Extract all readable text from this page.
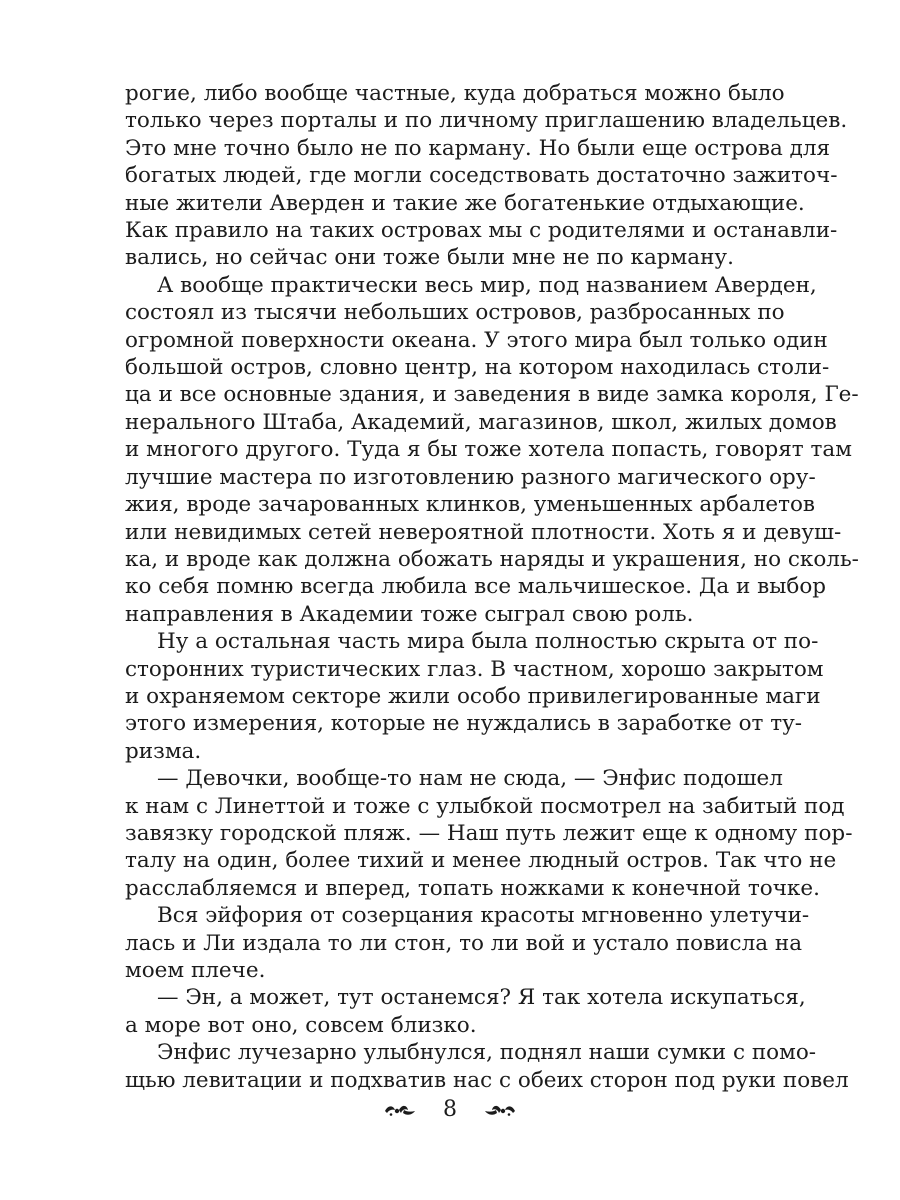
рогие, либо вообще частные, куда добраться можно было
только через порталы и по личному приглашению владельцев.
Это мне точно было не по карману. Но были еще острова для
богатых людей, где могли соседствовать достаточно зажиточ-
ные жители Аверден и такие же богатенькие отдыхающие.
Как правило на таких островах мы с родителями и останавли-
вались, но сейчас они тоже были мне не по карману.
А вообще практически весь мир, под названием Аверден,
состоял из тысячи небольших островов, разбросанных по
огромной поверхности океана. У этого мира был только один
большой остров, словно центр, на котором находилась столи-
ца и все основные здания, и заведения в виде замка короля, Ге-
нерального Штаба, Академий, магазинов, школ, жилых домов
и многого другого. Туда я бы тоже хотела попасть, говорят там
лучшие мастера по изготовлению разного магического ору-
жия, вроде зачарованных клинков, уменьшенных арбалетов
или невидимых сетей невероятной плотности. Хоть я и девуш-
ка, и вроде как должна обожать наряды и украшения, но сколь-
ко себя помню всегда любила все мальчишеское. Да и выбор
направления в Академии тоже сыграл свою роль.
Ну а остальная часть мира была полностью скрыта от по-
сторонних туристических глаз. В частном, хорошо закрытом
и охраняемом секторе жили особо привилегированные маги
этого измерения, которые не нуждались в заработке от ту-
ризма.
— Девочки, вообще-то нам не сюда, — Энфис подошел
к нам с Линеттой и тоже с улыбкой посмотрел на забитый под
завязку городской пляж. — Наш путь лежит еще к одному пор-
талу на один, более тихий и менее людный остров. Так что не
расслабляемся и вперед, топать ножками к конечной точке.
Вся эйфория от созерцания красоты мгновенно улетучи-
лась и Ли издала то ли стон, то ли вой и устало повисла на
моем плече.
— Эн, а может, тут останемся? Я так хотела искупаться,
а море вот оно, совсем близко.
Энфис лучезарно улыбнулся, поднял наши сумки с помо-
щью левитации и подхватив нас с обеих сторон под руки повел
8
